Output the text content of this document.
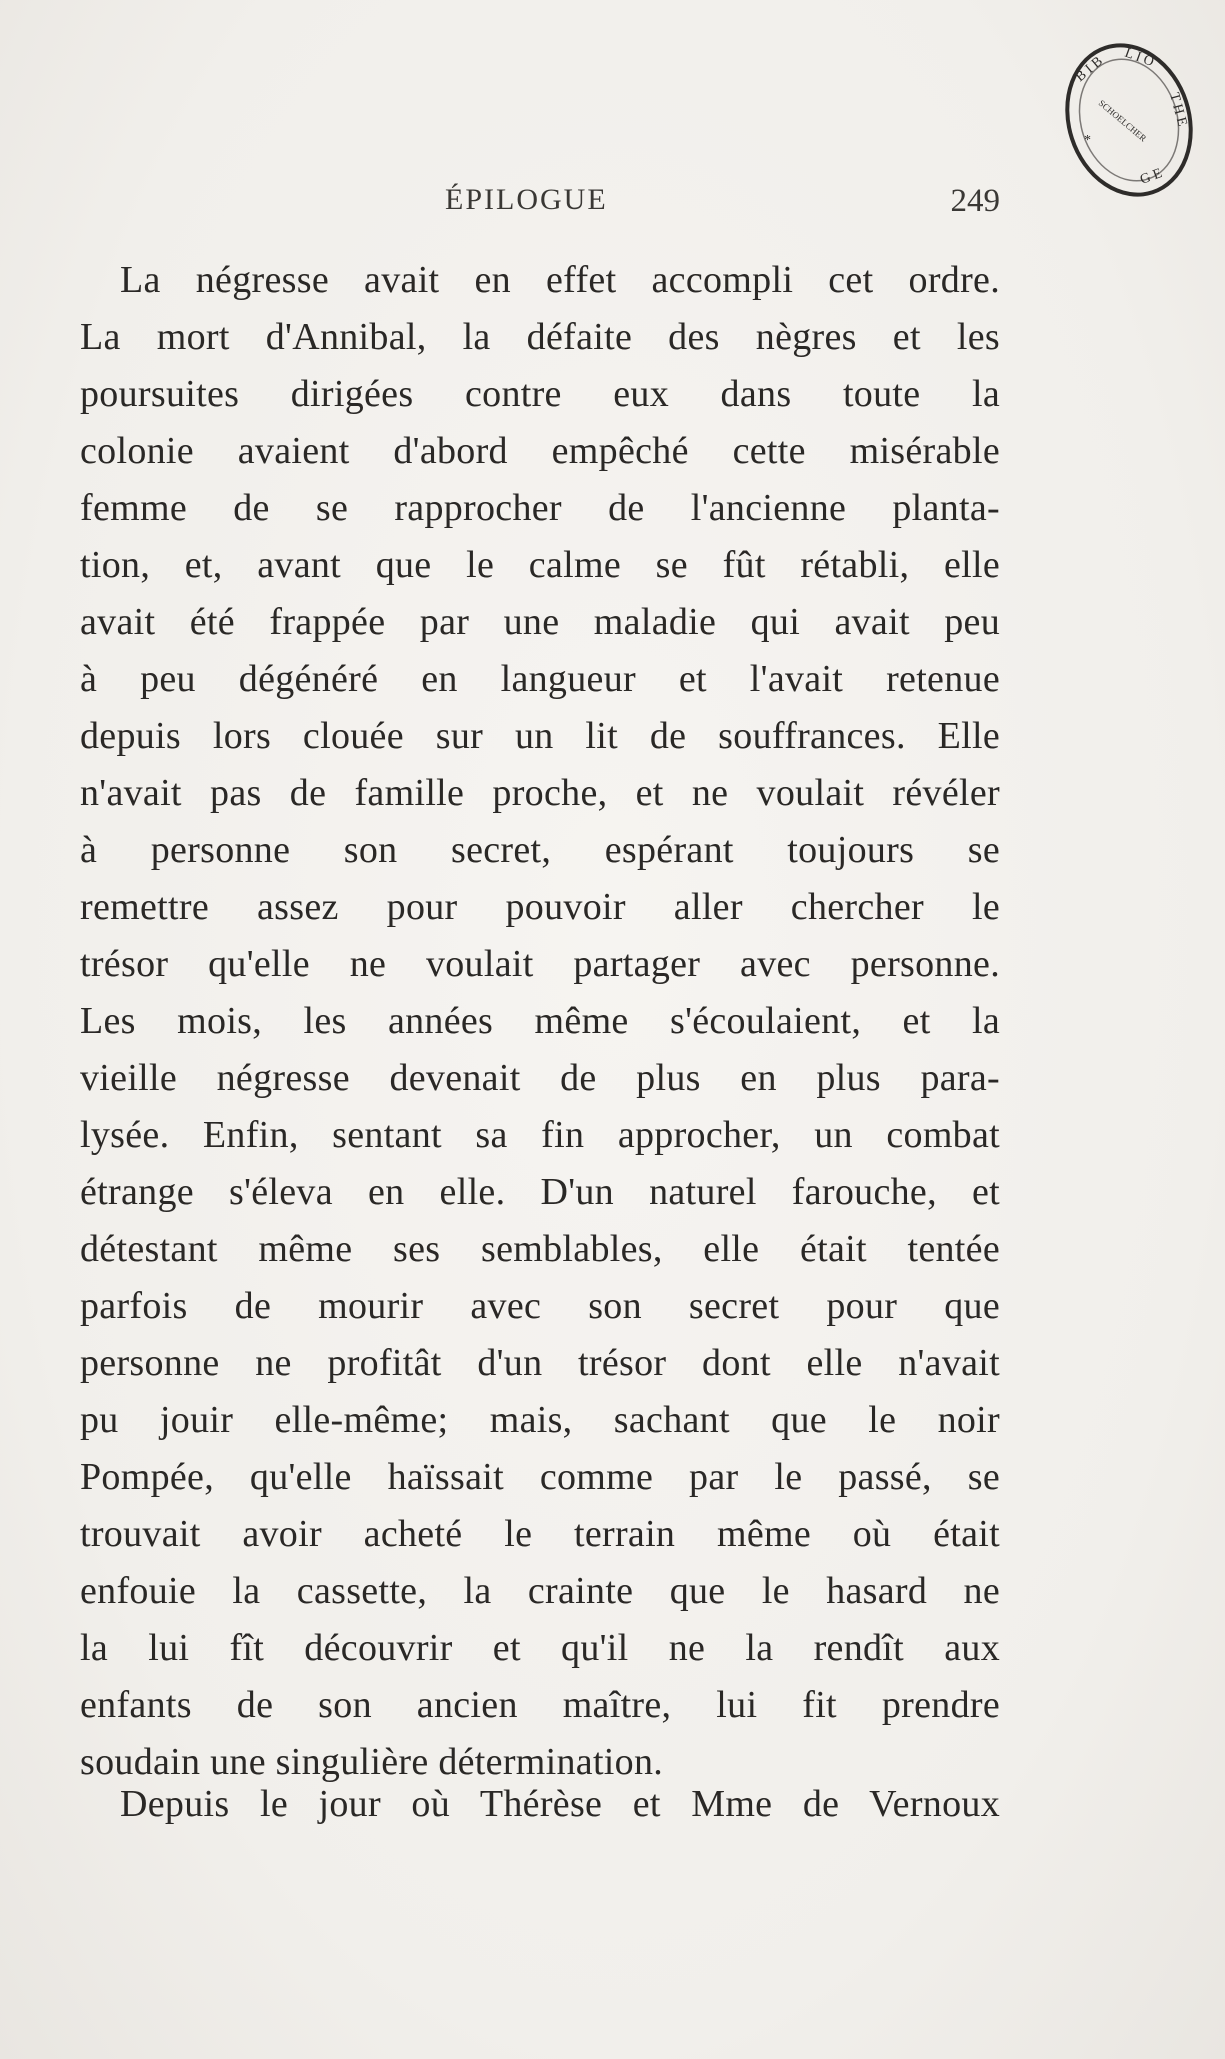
B I B L I O
T H E
SCHOELCHER
*
G E
ÉPILOGUE	249
La négresse avait en effet accompli cet ordre.
La mort d'Annibal, la défaite des nègres et les
poursuites dirigées contre eux dans toute la
colonie avaient d'abord empêché cette misérable
femme de se rapprocher de l'ancienne planta-
tion, et, avant que le calme se fût rétabli, elle
avait été frappée par une maladie qui avait peu
à peu dégénéré en langueur et l'avait retenue
depuis lors clouée sur un lit de souffrances. Elle
n'avait pas de famille proche, et ne voulait révéler
à personne son secret, espérant toujours se
remettre assez pour pouvoir aller chercher le
trésor qu'elle ne voulait partager avec personne.
Les mois, les années même s'écoulaient, et la
vieille négresse devenait de plus en plus para-
lysée. Enfin, sentant sa fin approcher, un combat
étrange s'éleva en elle. D'un naturel farouche, et
détestant même ses semblables, elle était tentée
parfois de mourir avec son secret pour que
personne ne profitât d'un trésor dont elle n'avait
pu jouir elle-même; mais, sachant que le noir
Pompée, qu'elle haïssait comme par le passé, se
trouvait avoir acheté le terrain même où était
enfouie la cassette, la crainte que le hasard ne
la lui fît découvrir et qu'il ne la rendît aux
enfants de son ancien maître, lui fit prendre
soudain une singulière détermination.
Depuis le jour où Thérèse et Mme de Vernoux
